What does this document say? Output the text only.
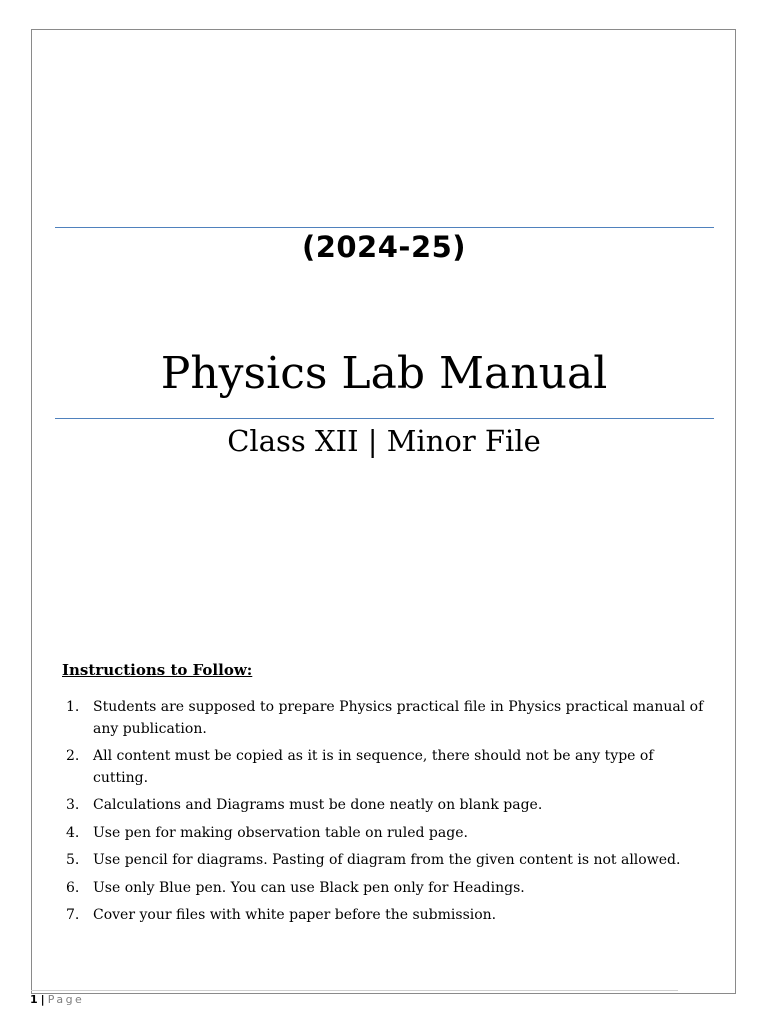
(2024-25)
Physics Lab Manual
Class XII | Minor File
Instructions to Follow:
1. Students are supposed to prepare Physics practical file in Physics practical manual of any publication.
2. All content must be copied as it is in sequence, there should not be any type of cutting.
3. Calculations and Diagrams must be done neatly on blank page.
4. Use pen for making observation table on ruled page.
5. Use pencil for diagrams. Pasting of diagram from the given content is not allowed.
6. Use only Blue pen. You can use Black pen only for Headings.
7. Cover your files with white paper before the submission.
1 | Page
